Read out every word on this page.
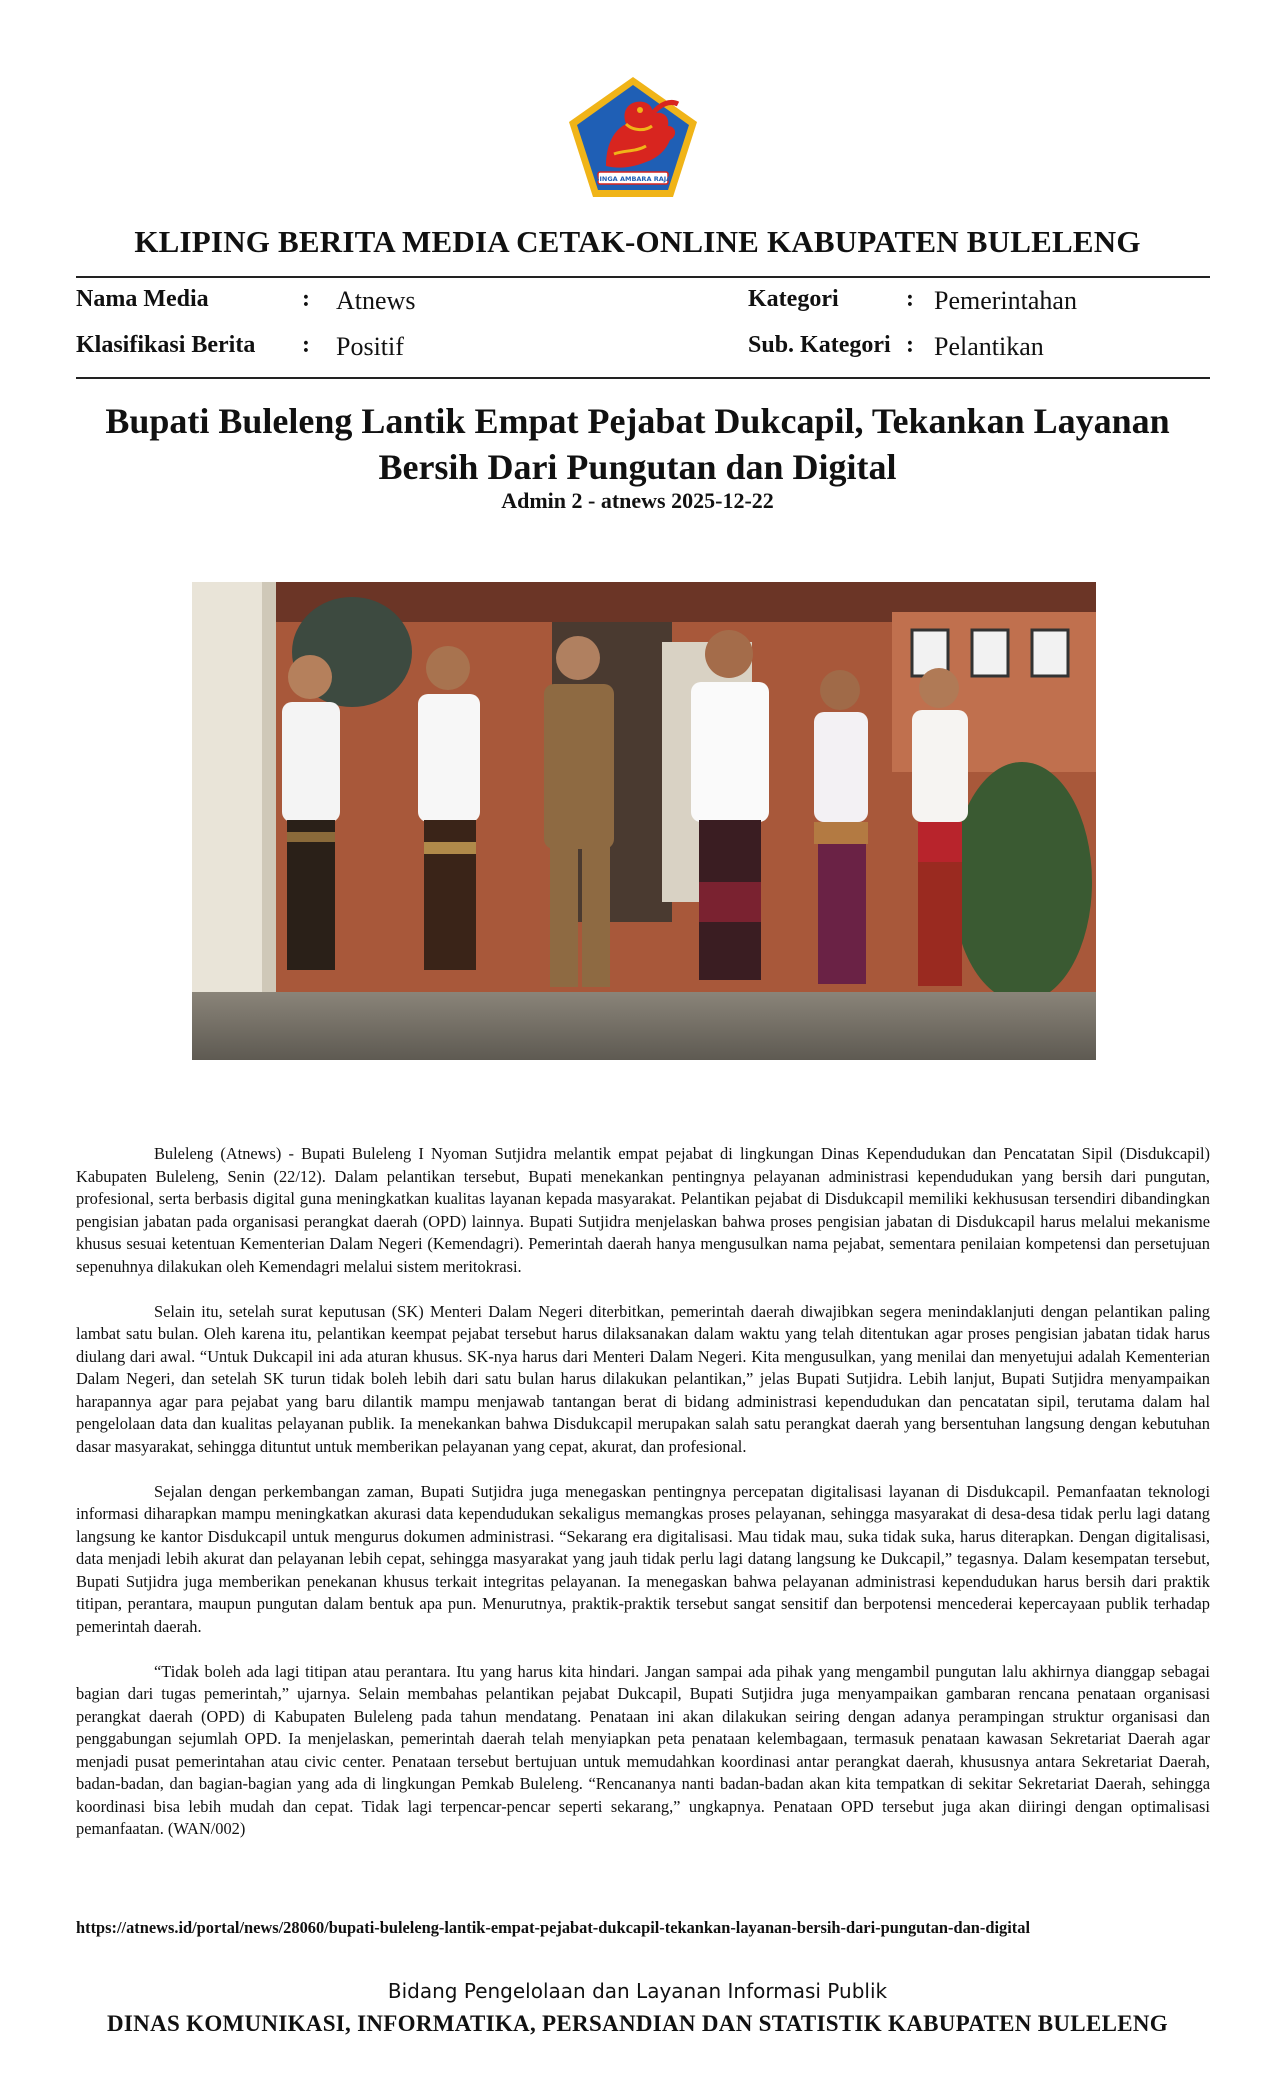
SINGA AMBARA RAJA
KLIPING BERITA MEDIA CETAK-ONLINE KABUPATEN BULELENG
Nama Media	: Atnews	Kategori	: Pemerintahan
Klasifikasi Berita : Positif	Sub. Kategori : Pelantikan
Bupati Buleleng Lantik Empat Pejabat Dukcapil, Tekankan Layanan
Bersih Dari Pungutan dan Digital
Admin 2 - atnews 2025-12-22

Buleleng (Atnews) - Bupati Buleleng I Nyoman Sutjidra melantik empat pejabat di lingkungan Dinas Kependudukan dan Pencatatan Sipil (Disdukcapil) Kabupaten Buleleng, Senin (22/12). Dalam pelantikan tersebut, Bupati menekankan pentingnya pelayanan administrasi kependudukan yang bersih dari pungutan, profesional, serta berbasis digital guna meningkatkan kualitas layanan kepada masyarakat. Pelantikan pejabat di Disdukcapil memiliki kekhususan tersendiri dibandingkan pengisian jabatan pada organisasi perangkat daerah (OPD) lainnya. Bupati Sutjidra menjelaskan bahwa proses pengisian jabatan di Disdukcapil harus melalui mekanisme khusus sesuai ketentuan Kementerian Dalam Negeri (Kemendagri). Pemerintah daerah hanya mengusulkan nama pejabat, sementara penilaian kompetensi dan persetujuan sepenuhnya dilakukan oleh Kemendagri melalui sistem meritokrasi.

Selain itu, setelah surat keputusan (SK) Menteri Dalam Negeri diterbitkan, pemerintah daerah diwajibkan segera menindaklanjuti dengan pelantikan paling lambat satu bulan. Oleh karena itu, pelantikan keempat pejabat tersebut harus dilaksanakan dalam waktu yang telah ditentukan agar proses pengisian jabatan tidak harus diulang dari awal. “Untuk Dukcapil ini ada aturan khusus. SK-nya harus dari Menteri Dalam Negeri. Kita mengusulkan, yang menilai dan menyetujui adalah Kementerian Dalam Negeri, dan setelah SK turun tidak boleh lebih dari satu bulan harus dilakukan pelantikan,” jelas Bupati Sutjidra. Lebih lanjut, Bupati Sutjidra menyampaikan harapannya agar para pejabat yang baru dilantik mampu menjawab tantangan berat di bidang administrasi kependudukan dan pencatatan sipil, terutama dalam hal pengelolaan data dan kualitas pelayanan publik. Ia menekankan bahwa Disdukcapil merupakan salah satu perangkat daerah yang bersentuhan langsung dengan kebutuhan dasar masyarakat, sehingga dituntut untuk memberikan pelayanan yang cepat, akurat, dan profesional.

Sejalan dengan perkembangan zaman, Bupati Sutjidra juga menegaskan pentingnya percepatan digitalisasi layanan di Disdukcapil. Pemanfaatan teknologi informasi diharapkan mampu meningkatkan akurasi data kependudukan sekaligus memangkas proses pelayanan, sehingga masyarakat di desa-desa tidak perlu lagi datang langsung ke kantor Disdukcapil untuk mengurus dokumen administrasi. “Sekarang era digitalisasi. Mau tidak mau, suka tidak suka, harus diterapkan. Dengan digitalisasi, data menjadi lebih akurat dan pelayanan lebih cepat, sehingga masyarakat yang jauh tidak perlu lagi datang langsung ke Dukcapil,” tegasnya. Dalam kesempatan tersebut, Bupati Sutjidra juga memberikan penekanan khusus terkait integritas pelayanan. Ia menegaskan bahwa pelayanan administrasi kependudukan harus bersih dari praktik titipan, perantara, maupun pungutan dalam bentuk apa pun. Menurutnya, praktik-praktik tersebut sangat sensitif dan berpotensi mencederai kepercayaan publik terhadap pemerintah daerah.

“Tidak boleh ada lagi titipan atau perantara. Itu yang harus kita hindari. Jangan sampai ada pihak yang mengambil pungutan lalu akhirnya dianggap sebagai bagian dari tugas pemerintah,” ujarnya. Selain membahas pelantikan pejabat Dukcapil, Bupati Sutjidra juga menyampaikan gambaran rencana penataan organisasi perangkat daerah (OPD) di Kabupaten Buleleng pada tahun mendatang. Penataan ini akan dilakukan seiring dengan adanya perampingan struktur organisasi dan penggabungan sejumlah OPD. Ia menjelaskan, pemerintah daerah telah menyiapkan peta penataan kelembagaan, termasuk penataan kawasan Sekretariat Daerah agar menjadi pusat pemerintahan atau civic center. Penataan tersebut bertujuan untuk memudahkan koordinasi antar perangkat daerah, khususnya antara Sekretariat Daerah, badan-badan, dan bagian-bagian yang ada di lingkungan Pemkab Buleleng. “Rencananya nanti badan-badan akan kita tempatkan di sekitar Sekretariat Daerah, sehingga koordinasi bisa lebih mudah dan cepat. Tidak lagi terpencar-pencar seperti sekarang,” ungkapnya. Penataan OPD tersebut juga akan diiringi dengan optimalisasi pemanfaatan. (WAN/002)

https://atnews.id/portal/news/28060/bupati-buleleng-lantik-empat-pejabat-dukcapil-tekankan-layanan-bersih-dari-pungutan-dan-digital
Bidang Pengelolaan dan Layanan Informasi Publik
DINAS KOMUNIKASI, INFORMATIKA, PERSANDIAN DAN STATISTIK KABUPATEN BULELENG
